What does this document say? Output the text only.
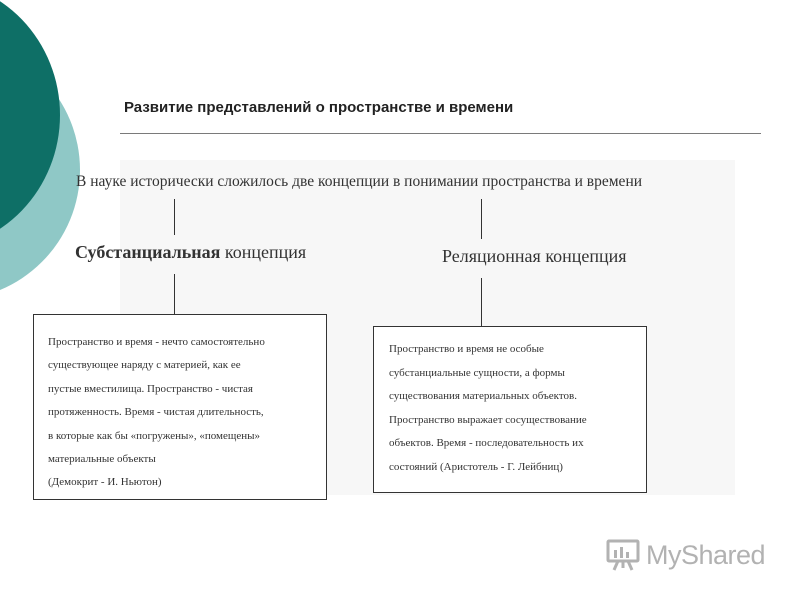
Развитие представлений о пространстве и времени
В науке исторически сложилось две концепции в понимании пространства и времени
Субстанциальная концепция	Реляционная концепция

Пространство и время - нечто самостоятельно

существующее наряду с материей, как ее

пустые вместилища. Пространство - чистая

протяженность. Время - чистая длительность,

в которые как бы «погружены», «помещены»

материальные объекты

(Демокрит - И. Ньютон)

Пространство и время не особые

субстанциальные сущности, а формы

существования материальных объектов.

Пространство выражает сосуществование

объектов. Время - последовательность их

состояний (Аристотель - Г. Лейбниц)

MyShared
